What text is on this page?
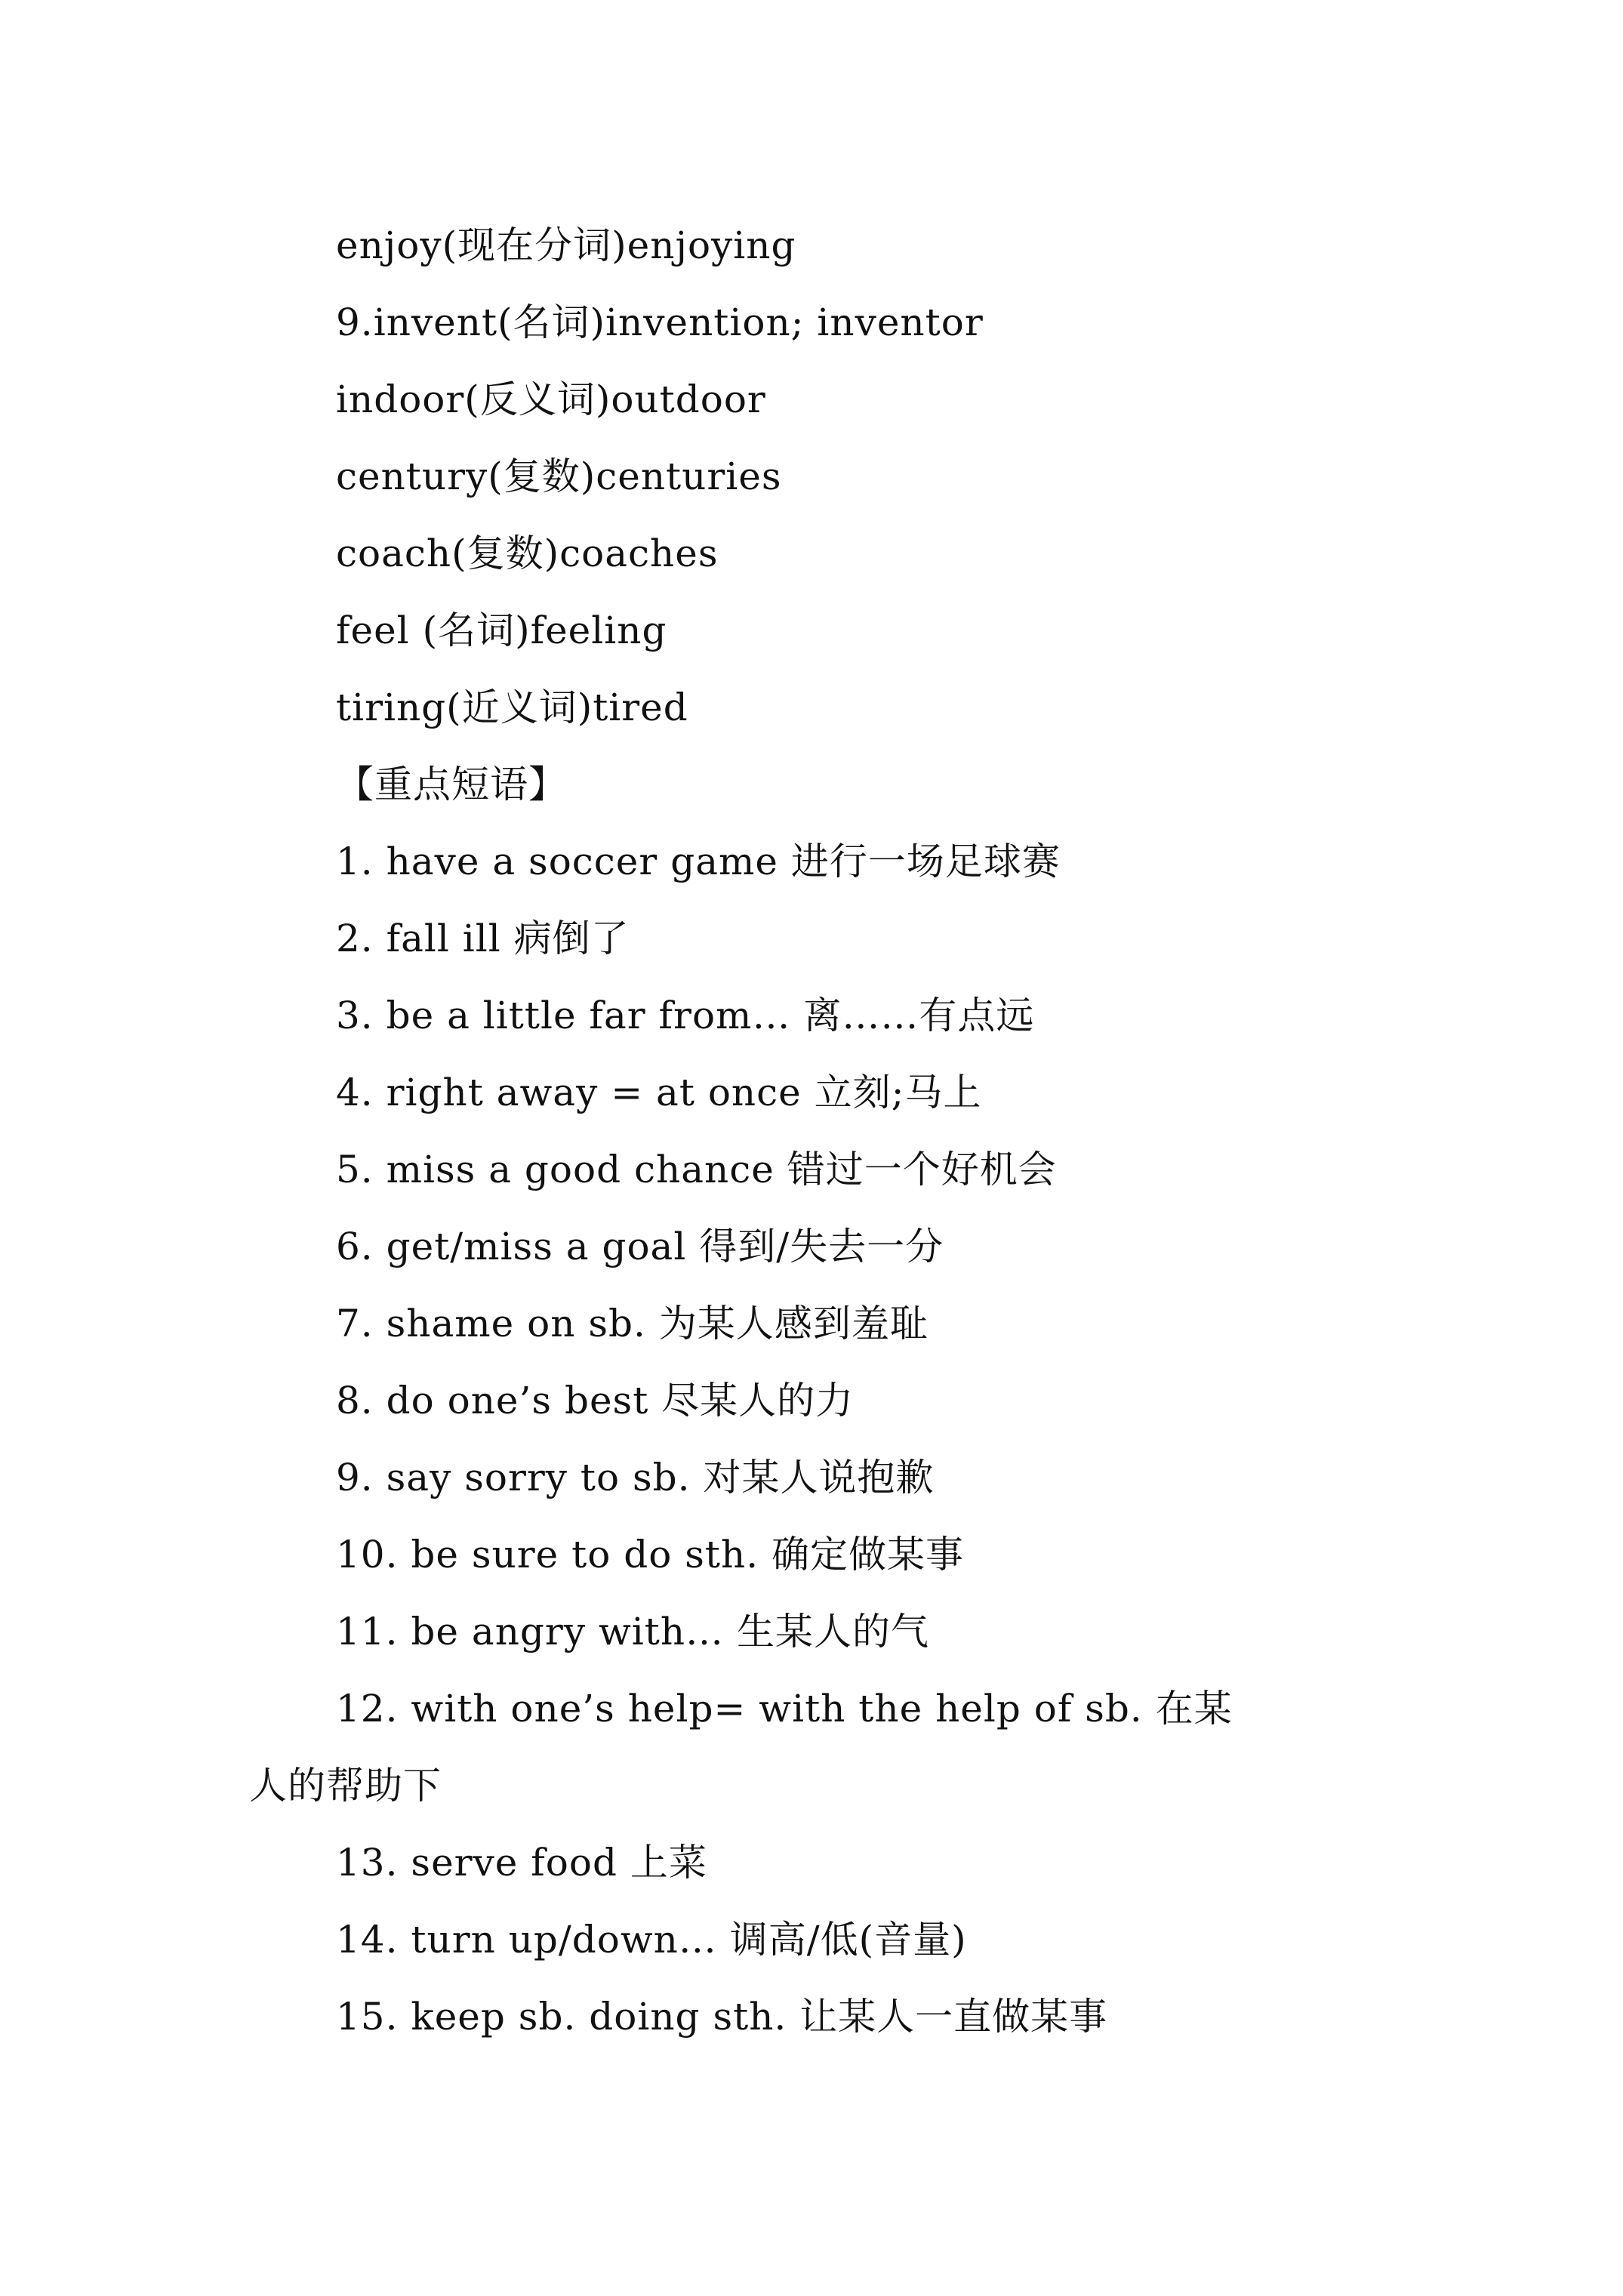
enjoy(现在分词)enjoying
9.invent(名词)invention; inventor
indoor(反义词)outdoor
century(复数)centuries
coach(复数)coaches
feel (名词)feeling
tiring(近义词)tired
【重点短语】
1. have a soccer game 进行一场足球赛
2. fall ill 病倒了
3. be a little far from… 离……有点远
4. right away = at once 立刻;马上
5. miss a good chance 错过一个好机会
6. get/miss a goal 得到/失去一分
7. shame on sb. 为某人感到羞耻
8. do one’s best 尽某人的力
9. say sorry to sb. 对某人说抱歉
10. be sure to do sth. 确定做某事
11. be angry with… 生某人的气
12. with one’s help= with the help of sb. 在某
人的帮助下
13. serve food 上菜
14. turn up/down… 调高/低(音量)
15. keep sb. doing sth. 让某人一直做某事
